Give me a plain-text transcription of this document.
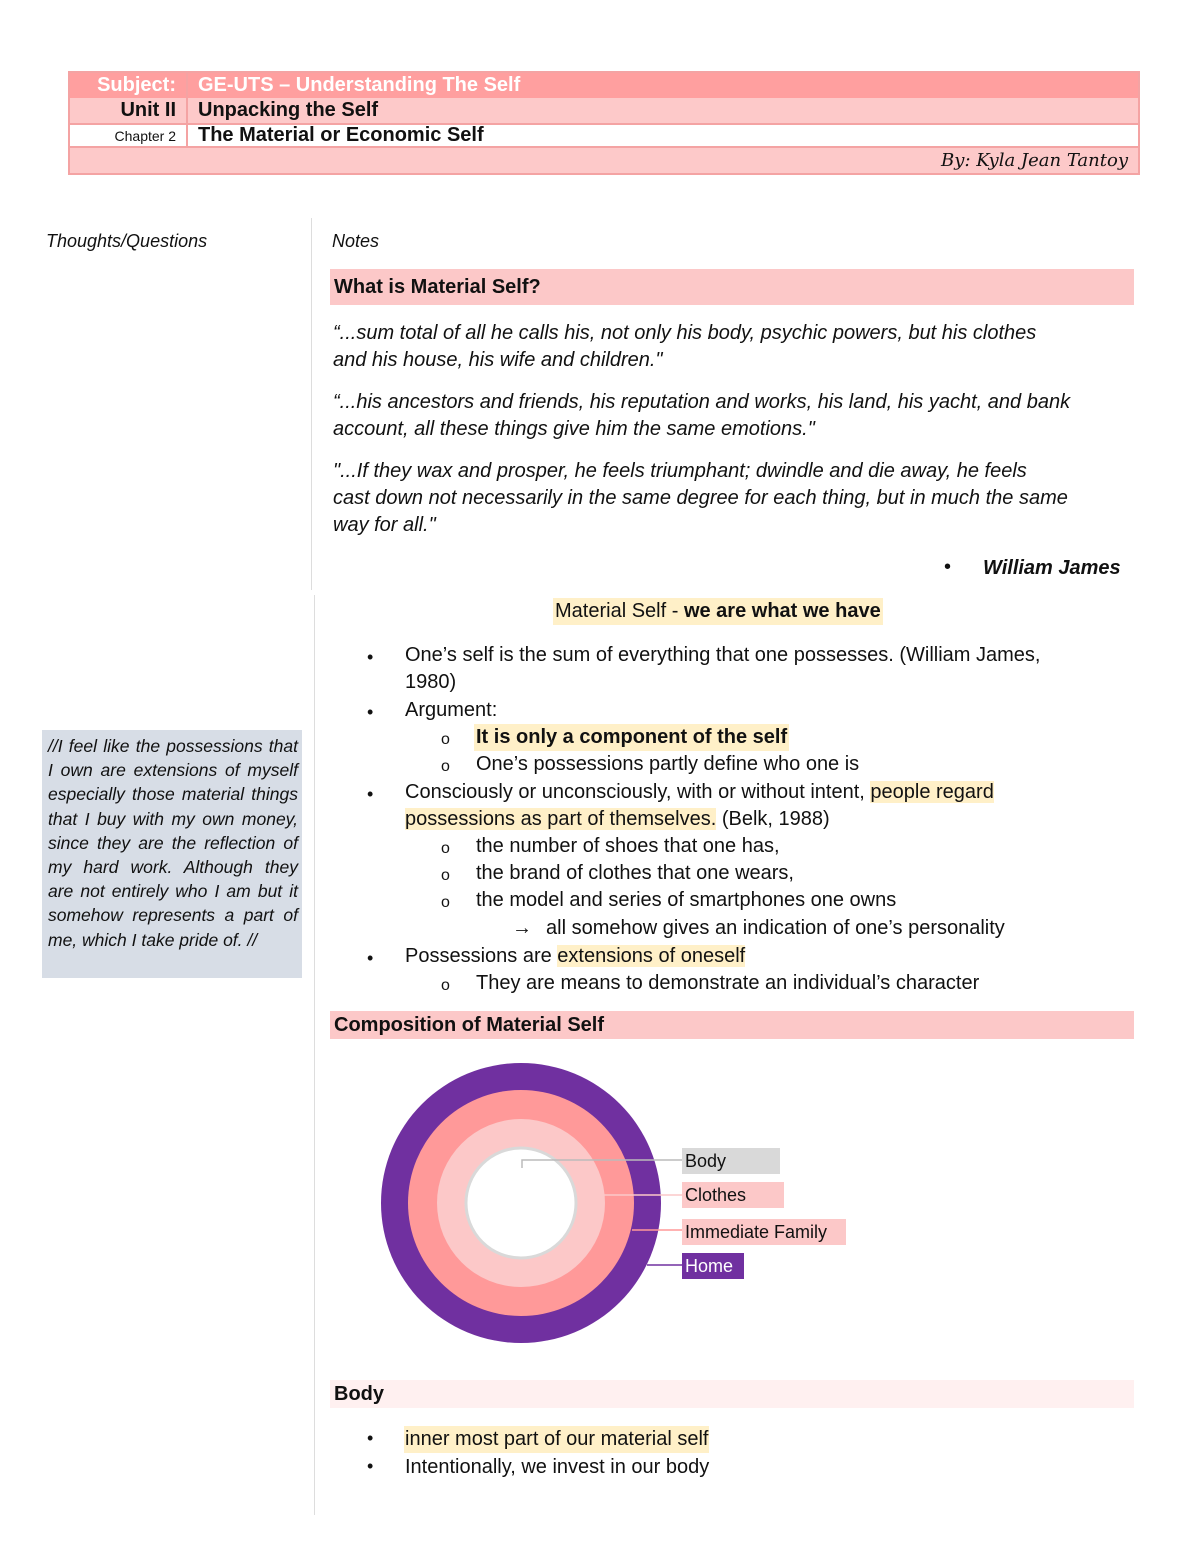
Subject:	GE-UTS – Understanding The Self
Unit II	Unpacking the Self
Chapter 2	The Material or Economic Self
By: Kyla Jean Tantoy
Thoughts/Questions	Notes
What is Material Self?
“...sum total of all he calls his, not only his body, psychic powers, but his clothes
and his house, his wife and children."
“...his ancestors and friends, his reputation and works, his land, his yacht, and bank
account, all these things give him the same emotions."
"...If they wax and prosper, he feels triumphant; dwindle and die away, he feels
cast down not necessarily in the same degree for each thing, but in much the same
way for all."
• William James
Material Self - we are what we have
• One’s self is the sum of everything that one possesses. (William James,
1980)
• Argument:
o It is only a component of the self
o One’s possessions partly define who one is
• Consciously or unconsciously, with or without intent, people regard
possessions as part of themselves. (Belk, 1988)
o the number of shoes that one has,
o the brand of clothes that one wears,
o the model and series of smartphones one owns
→ all somehow gives an indication of one’s personality
• Possessions are extensions of oneself
o They are means to demonstrate an individual’s character
//I feel like the possessions that I own are extensions of myself especially those material things that I buy with my own money, since they are the reflection of my hard work. Although they are not entirely who I am but it somehow represents a part of me, which I take pride of. //
Composition of Material Self
Body
Clothes
Immediate Family
Home
Body
• inner most part of our material self
• Intentionally, we invest in our body
